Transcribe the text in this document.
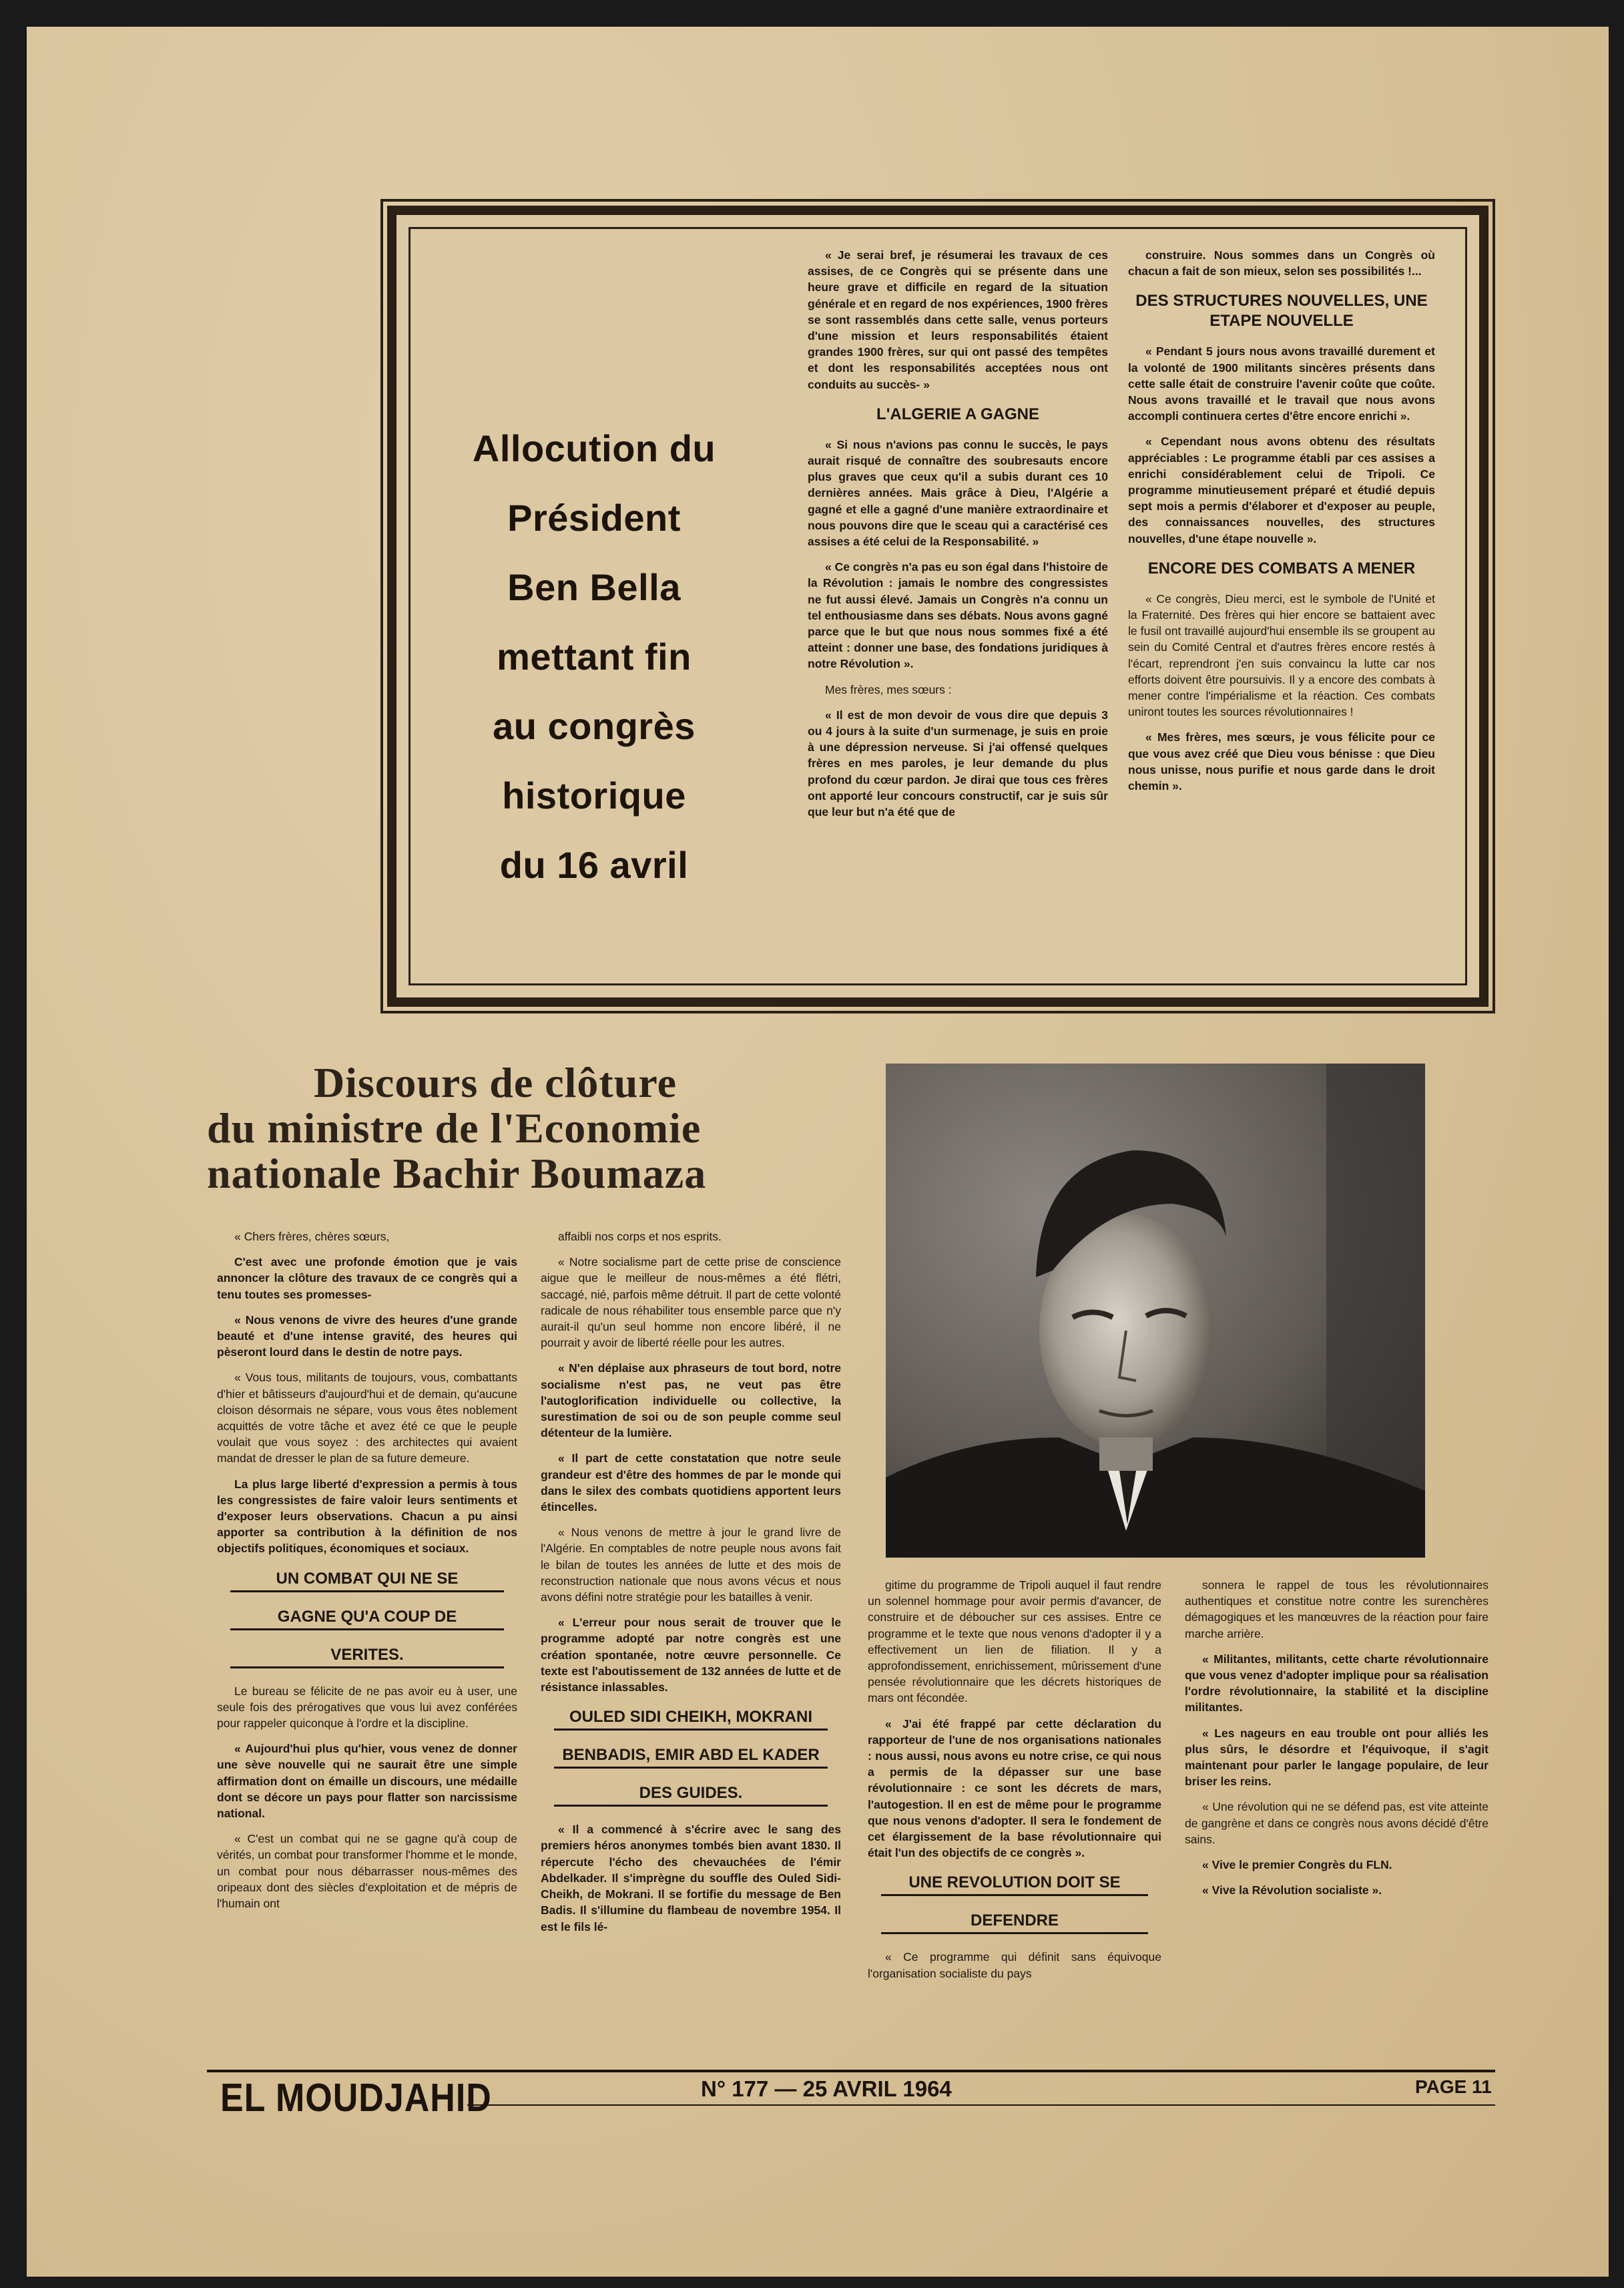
Allocution du
Président
Ben Bella
mettant fin
au congrès
historique
du 16 avril

« Je serai bref, je résumerai les travaux de ces assises, de ce Congrès qui se présente dans une heure grave et difficile en regard de la situation générale et en regard de nos expériences, 1900 frères se sont rassemblés dans cette salle, venus porteurs d'une mission et leurs responsabilités étaient grandes 1900 frères, sur qui ont passé des tempêtes et dont les responsabilités acceptées nous ont conduits au succès- »

L'ALGERIE A GAGNE

« Si nous n'avions pas connu le succès, le pays aurait risqué de connaître des soubresauts encore plus graves que ceux qu'il a subis durant ces 10 dernières années. Mais grâce à Dieu, l'Algérie a gagné et elle a gagné d'une manière extraordinaire et nous pouvons dire que le sceau qui a caractérisé ces assises a été celui de la Responsabilité. »

« Ce congrès n'a pas eu son égal dans l'histoire de la Révolution : jamais le nombre des congressistes ne fut aussi élevé. Jamais un Congrès n'a connu un tel enthousiasme dans ses débats. Nous avons gagné parce que le but que nous nous sommes fixé a été atteint : donner une base, des fondations juridiques à notre Révolution ».

Mes frères, mes sœurs :

« Il est de mon devoir de vous dire que depuis 3 ou 4 jours à la suite d'un surmenage, je suis en proie à une dépression nerveuse. Si j'ai offensé quelques frères en mes paroles, je leur demande du plus profond du cœur pardon. Je dirai que tous ces frères ont apporté leur concours constructif, car je suis sûr que leur but n'a été que de

construire. Nous sommes dans un Congrès où chacun a fait de son mieux, selon ses possibilités !...

DES STRUCTURES NOUVELLES, UNE ETAPE NOUVELLE

« Pendant 5 jours nous avons travaillé durement et la volonté de 1900 militants sincères présents dans cette salle était de construire l'avenir coûte que coûte. Nous avons travaillé et le travail que nous avons accompli continuera certes d'être encore enrichi ».

« Cependant nous avons obtenu des résultats appréciables : Le programme établi par ces assises a enrichi considérablement celui de Tripoli. Ce programme minutieusement préparé et étudié depuis sept mois a permis d'élaborer et d'exposer au peuple, des connaissances nouvelles, des structures nouvelles, d'une étape nouvelle ».

ENCORE DES COMBATS A MENER

« Ce congrès, Dieu merci, est le symbole de l'Unité et la Fraternité. Des frères qui hier encore se battaient avec le fusil ont travaillé aujourd'hui ensemble ils se groupent au sein du Comité Central et d'autres frères encore restés à l'écart, reprendront j'en suis convaincu la lutte car nos efforts doivent être poursuivis. Il y a encore des combats à mener contre l'impérialisme et la réaction. Ces combats uniront toutes les sources révolutionnaires !

« Mes frères, mes sœurs, je vous félicite pour ce que vous avez créé que Dieu vous bénisse : que Dieu nous unisse, nous purifie et nous garde dans le droit chemin ».

Discours de clôture
du ministre de l'Economie
nationale Bachir Boumaza

« Chers frères, chères sœurs,

C'est avec une profonde émotion que je vais annoncer la clôture des travaux de ce congrès qui a tenu toutes ses promesses-

« Nous venons de vivre des heures d'une grande beauté et d'une intense gravité, des heures qui pèseront lourd dans le destin de notre pays.

« Vous tous, militants de toujours, vous, combattants d'hier et bâtisseurs d'aujourd'hui et de demain, qu'aucune cloison désormais ne sépare, vous vous êtes noblement acquittés de votre tâche et avez été ce que le peuple voulait que vous soyez : des architectes qui avaient mandat de dresser le plan de sa future demeure.

La plus large liberté d'expression a permis à tous les congressistes de faire valoir leurs sentiments et d'exposer leurs observations. Chacun a pu ainsi apporter sa contribution à la définition de nos objectifs politiques, économiques et sociaux.

UN COMBAT QUI NE SE
GAGNE QU'A COUP DE
VERITES.

Le bureau se félicite de ne pas avoir eu à user, une seule fois des prérogatives que vous lui avez conférées pour rappeler quiconque à l'ordre et la discipline.

« Aujourd'hui plus qu'hier, vous venez de donner une sève nouvelle qui ne saurait être une simple affirmation dont on émaille un discours, une médaille dont se décore un pays pour flatter son narcissisme national.

« C'est un combat qui ne se gagne qu'à coup de vérités, un combat pour transformer l'homme et le monde, un combat pour nous débarrasser nous-mêmes des oripeaux dont des siècles d'exploitation et de mépris de l'humain ont

affaibli nos corps et nos esprits.

« Notre socialisme part de cette prise de conscience aigue que le meilleur de nous-mêmes a été flétri, saccagé, nié, parfois même détruit. Il part de cette volonté radicale de nous réhabiliter tous ensemble parce que n'y aurait-il qu'un seul homme non encore libéré, il ne pourrait y avoir de liberté réelle pour les autres.

« N'en déplaise aux phraseurs de tout bord, notre socialisme n'est pas, ne veut pas être l'autoglorification individuelle ou collective, la surestimation de soi ou de son peuple comme seul détenteur de la lumière.

« Il part de cette constatation que notre seule grandeur est d'être des hommes de par le monde qui dans le silex des combats quotidiens apportent leurs étincelles.

« Nous venons de mettre à jour le grand livre de l'Algérie. En comptables de notre peuple nous avons fait le bilan de toutes les années de lutte et des mois de reconstruction nationale que nous avons vécus et nous avons défini notre stratégie pour les batailles à venir.

« L'erreur pour nous serait de trouver que le programme adopté par notre congrès est une création spontanée, notre œuvre personnelle. Ce texte est l'aboutissement de 132 années de lutte et de résistance inlassables.

OULED SIDI CHEIKH, MOKRANI
BENBADIS, EMIR ABD EL KADER
DES GUIDES.

« Il a commencé à s'écrire avec le sang des premiers héros anonymes tombés bien avant 1830. Il répercute l'écho des chevauchées de l'émir Abdelkader. Il s'imprègne du souffle des Ouled Sidi-Cheikh, de Mokrani. Il se fortifie du message de Ben Badis. Il s'illumine du flambeau de novembre 1954. Il est le fils lé-

gitime du programme de Tripoli auquel il faut rendre un solennel hommage pour avoir permis d'avancer, de construire et de déboucher sur ces assises. Entre ce programme et le texte que nous venons d'adopter il y a effectivement un lien de filiation. Il y a approfondissement, enrichissement, mûrissement d'une pensée révolutionnaire que les décrets historiques de mars ont fécondée.

« J'ai été frappé par cette déclaration du rapporteur de l'une de nos organisations nationales : nous aussi, nous avons eu notre crise, ce qui nous a permis de la dépasser sur une base révolutionnaire : ce sont les décrets de mars, l'autogestion. Il en est de même pour le programme que nous venons d'adopter. Il sera le fondement de cet élargissement de la base révolutionnaire qui était l'un des objectifs de ce congrès ».

UNE REVOLUTION DOIT SE
DEFENDRE

« Ce programme qui définit sans équivoque l'organisation socialiste du pays

sonnera le rappel de tous les révolutionnaires authentiques et constitue notre contre les surenchères démagogiques et les manœuvres de la réaction pour faire marche arrière.

« Militantes, militants, cette charte révolutionnaire que vous venez d'adopter implique pour sa réalisation l'ordre révolutionnaire, la stabilité et la discipline militantes.

« Les nageurs en eau trouble ont pour alliés les plus sûrs, le désordre et l'équivoque, il s'agit maintenant pour parler le langage populaire, de leur briser les reins.

« Une révolution qui ne se défend pas, est vite atteinte de gangrène et dans ce congrès nous avons décidé d'être sains.

« Vive le premier Congrès du FLN.

« Vive la Révolution socialiste ».

EL MOUDJAHID	N° 177 — 25 AVRIL 1964	PAGE 11
